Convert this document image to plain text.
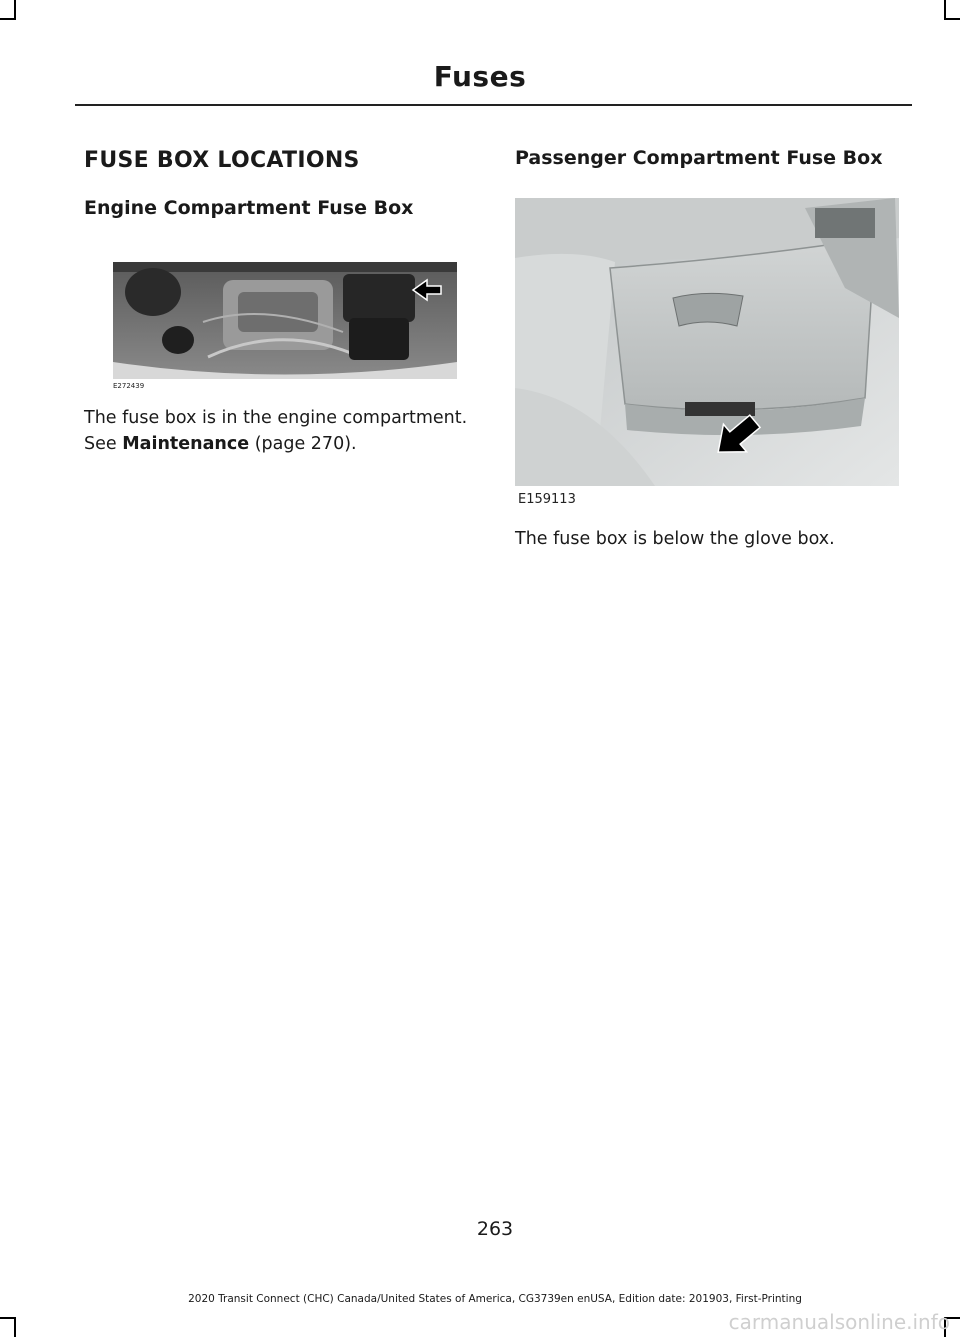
Fuses
FUSE BOX LOCATIONS
Engine Compartment Fuse Box
E272439
The fuse box is in the engine compartment. See Maintenance (page 270).
Passenger Compartment Fuse Box
E159113
The fuse box is below the glove box.
263
2020 Transit Connect (CHC) Canada/United States of America, CG3739en enUSA, Edition date: 201903, First-Printing
carmanualsonline.info
